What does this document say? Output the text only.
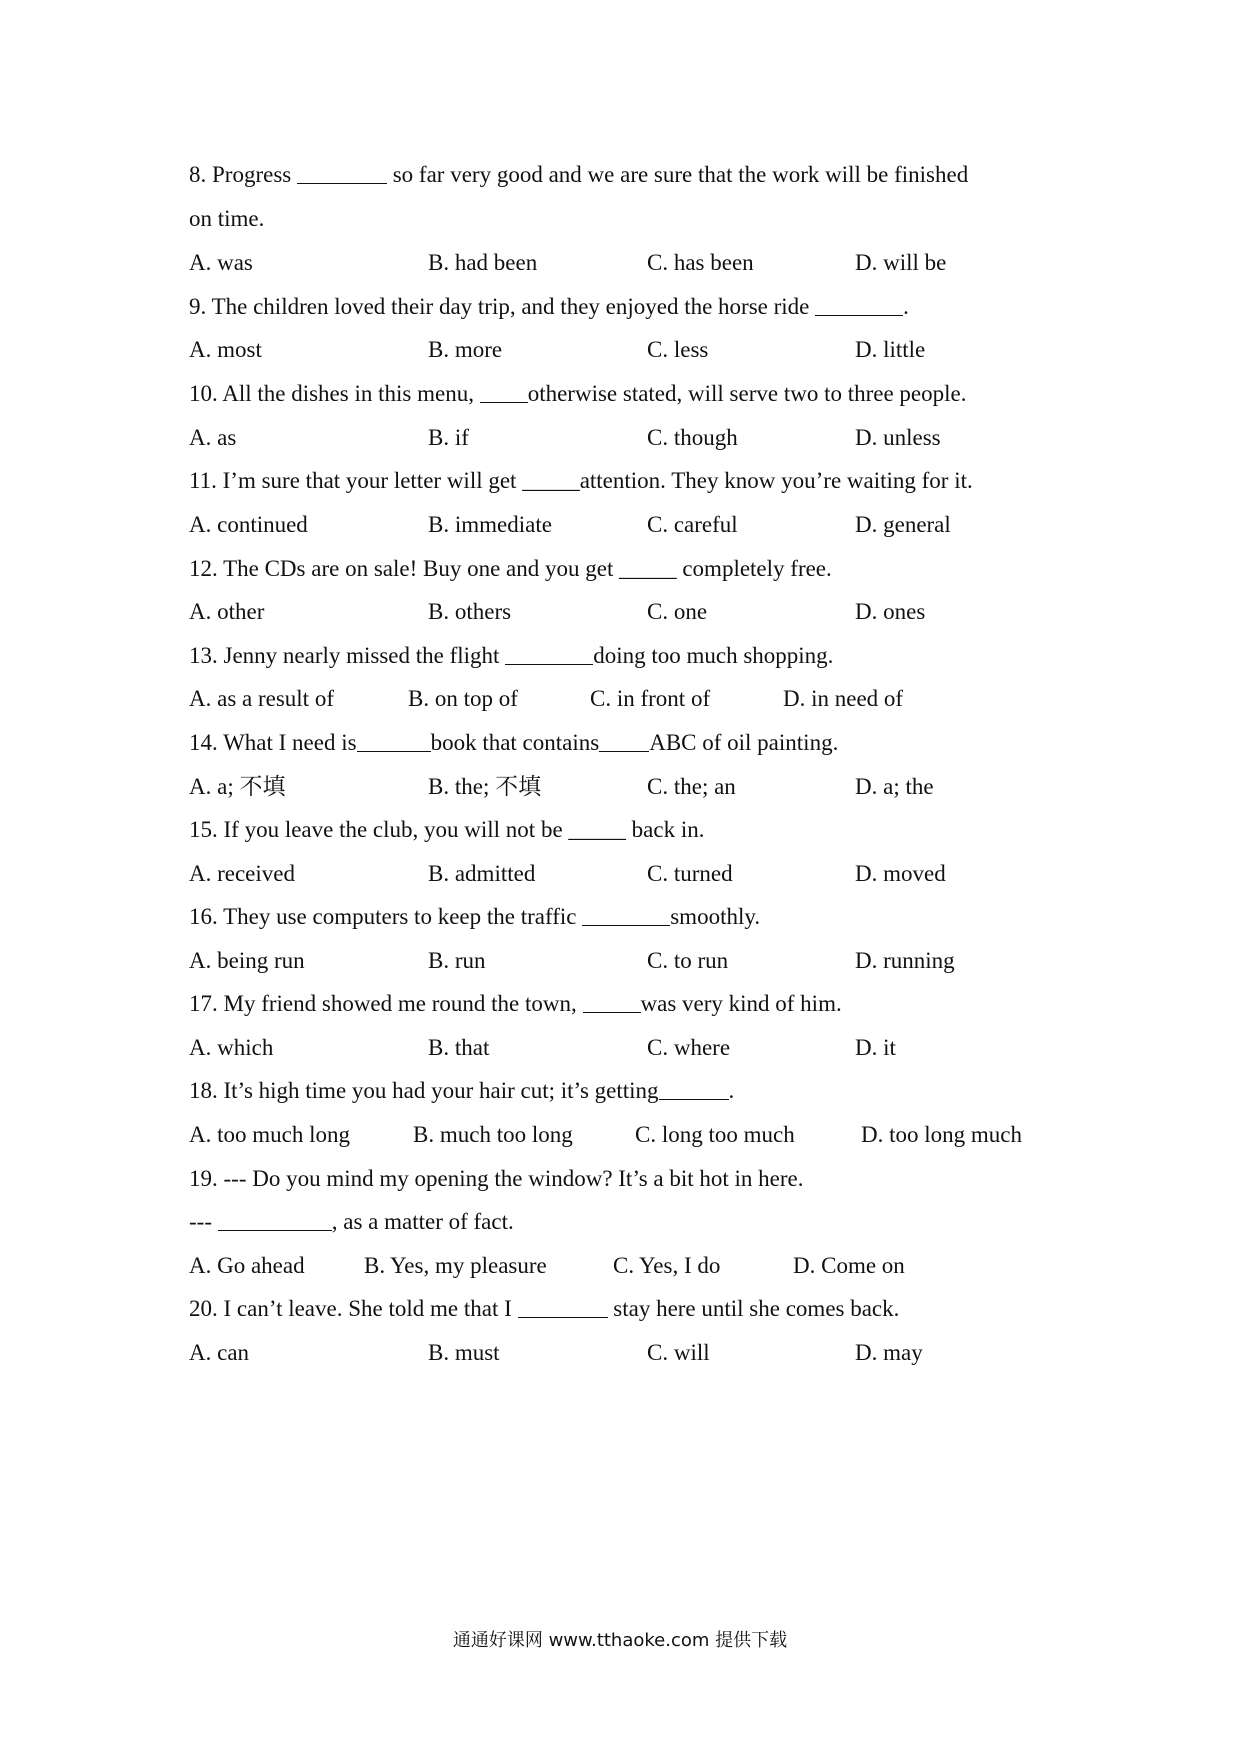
8. Progress	so far very good and we are sure that the work will be finished
on time.
A. was	B. had been	C. has been	D. will be
9. The children loved their day trip, and they enjoyed the horse ride	.
A. most	B. more	C. less	D. little
10. All the dishes in this menu, otherwise stated, will serve two to three people.
A. as	B. if	C. though	D. unless
11. I’m sure that your letter will get _____attention. They know you’re waiting for it.
A. continued	B. immediate	C. careful	D. general
12. The CDs are on sale! Buy one and you get _____ completely free.
A. other	B. others	C. one	D. ones
13. Jenny nearly missed the flight	doing too much shopping.
A. as a result of	B. on top of	C. in front of	D. in need of
14. What I need is	book that contains ABC of oil painting.
A. a; 不填	B. the; 不填	C. the; an	D. a; the
15. If you leave the club, you will not be _____ back in.
A. received	B. admitted	C. turned	D. moved
16. They use computers to keep the traffic	smoothly.
A. being run	B. run	C. to run	D. running
17. My friend showed me round the town,	was very kind of him.
A. which	B. that	C. where	D. it
18. It’s high time you had your hair cut; it’s getting	.
A. too much long	B. much too long	C. long too much	D. too long much
19. --- Do you mind my opening the window? It’s a bit hot in here.
---	, as a matter of fact.
A. Go ahead	B. Yes, my pleasure	C. Yes, I do	D. Come on
20. I can’t leave. She told me that I	stay here until she comes back.
A. can	B. must	C. will	D. may
通通好课网 www.tthaoke.com 提供下载
